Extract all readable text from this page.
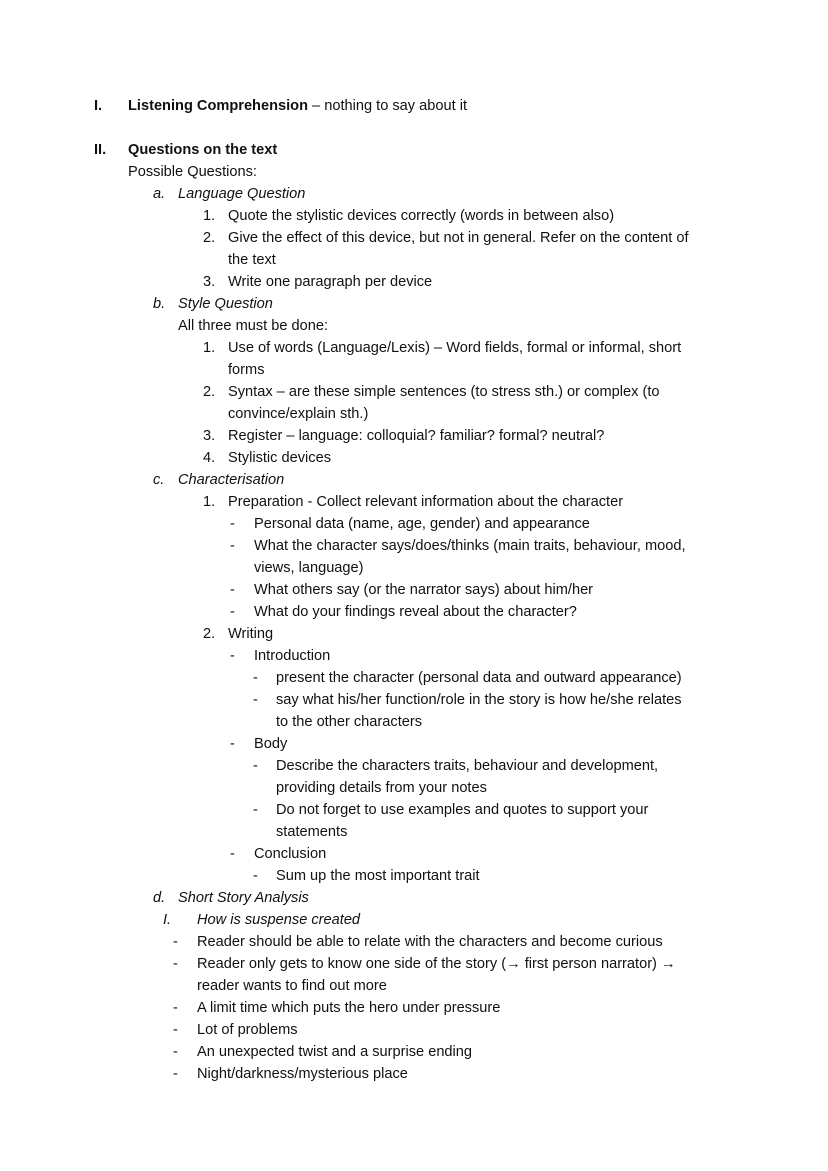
I. Listening Comprehension – nothing to say about it
II. Questions on the text
Possible Questions:
a. Language Question
1. Quote the stylistic devices correctly (words in between also)
2. Give the effect of this device, but not in general. Refer on the content of
the text
3. Write one paragraph per device
b. Style Question
All three must be done:
1. Use of words (Language/Lexis) – Word fields, formal or informal, short
forms
2. Syntax – are these simple sentences (to stress sth.) or complex (to
convince/explain sth.)
3. Register – language: colloquial? familiar? formal? neutral?
4. Stylistic devices
c. Characterisation
1. Preparation - Collect relevant information about the character
- Personal data (name, age, gender) and appearance
- What the character says/does/thinks (main traits, behaviour, mood,
views, language)
- What others say (or the narrator says) about him/her
- What do your findings reveal about the character?
2. Writing
- Introduction
- present the character (personal data and outward appearance)
- say what his/her function/role in the story is how he/she relates
to the other characters
- Body
- Describe the characters traits, behaviour and development,
providing details from your notes
- Do not forget to use examples and quotes to support your
statements
- Conclusion
- Sum up the most important trait
d. Short Story Analysis
I. How is suspense created
- Reader should be able to relate with the characters and become curious
- Reader only gets to know one side of the story (→ first person narrator) →
reader wants to find out more
- A limit time which puts the hero under pressure
- Lot of problems
- An unexpected twist and a surprise ending
- Night/darkness/mysterious place
